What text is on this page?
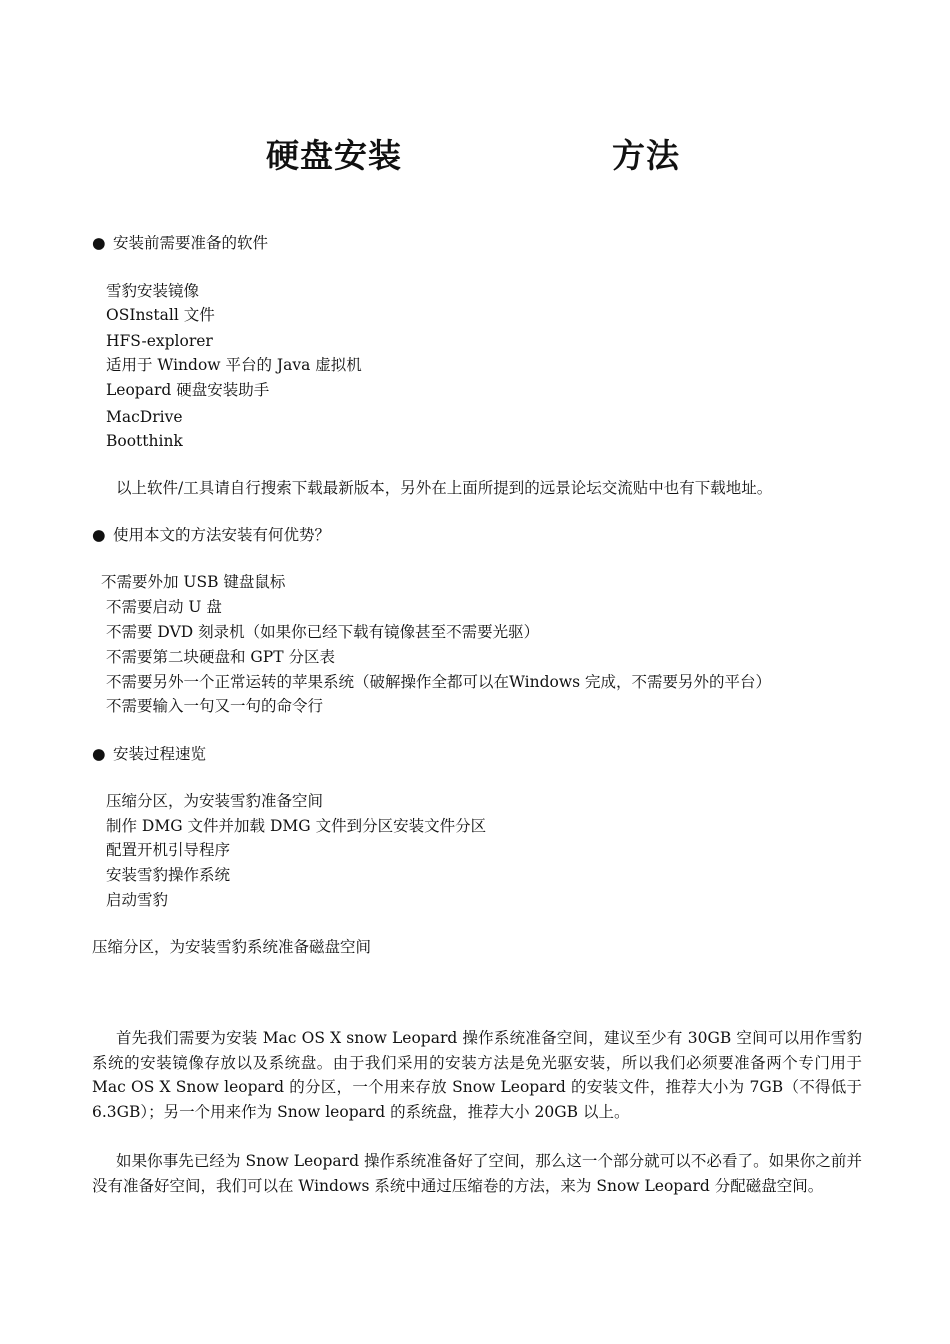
硬盘安装	方法
● 安装前需要准备的软件
雪豹安装镜像
OSInstall 文件
HFS-explorer
适用于 Window 平台的 Java 虚拟机
Leopard 硬盘安装助手
MacDrive
Bootthink
以上软件/工具请自行搜索下载最新版本，另外在上面所提到的远景论坛交流贴中也有下载地址。
● 使用本文的方法安装有何优势？
不需要外加 USB 键盘鼠标
不需要启动 U 盘
不需要 DVD 刻录机（如果你已经下载有镜像甚至不需要光驱）
不需要第二块硬盘和 GPT 分区表
不需要另外一个正常运转的苹果系统（破解操作全都可以在Windows 完成，不需要另外的平台）
不需要输入一句又一句的命令行
● 安装过程速览
压缩分区，为安装雪豹准备空间
制作 DMG 文件并加载 DMG 文件到分区安装文件分区
配置开机引导程序
安装雪豹操作系统
启动雪豹
压缩分区，为安装雪豹系统准备磁盘空间
首先我们需要为安装 Mac OS X snow Leopard 操作系统准备空间，建议至少有 30GB 空间可以用作雪豹系统的安装镜像存放以及系统盘。由于我们采用的安装方法是免光驱安装，所以我们必须要准备两个专门用于 Mac OS X Snow leopard 的分区，一个用来存放 Snow Leopard 的安装文件，推荐大小为 7GB（不得低于 6.3GB）；另一个用来作为 Snow leopard 的系统盘，推荐大小 20GB 以上。
如果你事先已经为 Snow Leopard 操作系统准备好了空间，那么这一个部分就可以不必看了。如果你之前并没有准备好空间，我们可以在 Windows 系统中通过压缩卷的方法，来为 Snow Leopard 分配磁盘空间。
